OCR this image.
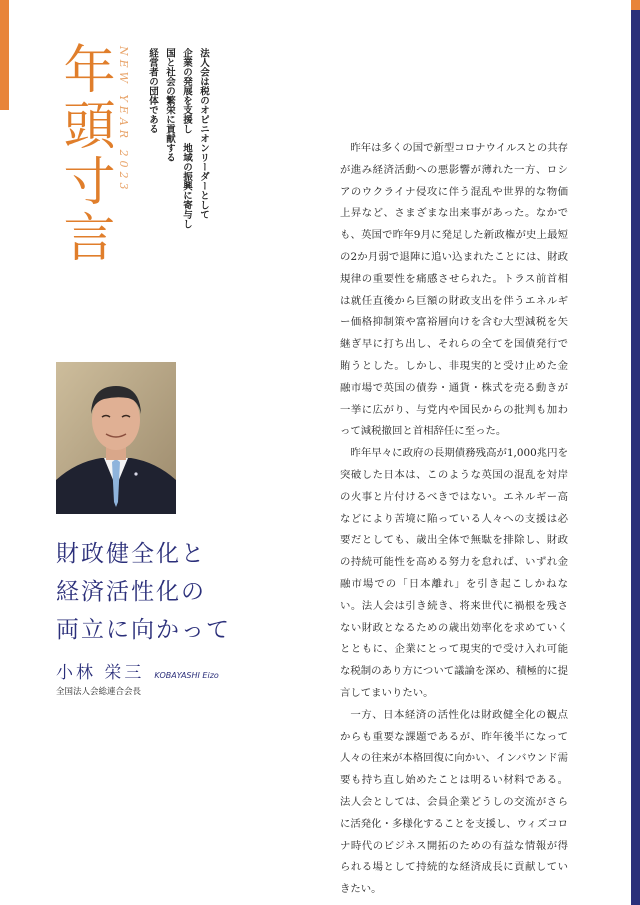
年頭寸言 NEW YEAR 2023	法人会は税のオピニオンリーダーとして
企業の発展を支援し　地域の振興に寄与し
国と社会の繁栄に貢献する
経営者の団体である
財政健全化と
経済活性化の
両立に向かって
小林 栄三 KOBAYASHI Eizo
全国法人会総連合会長

昨年は多くの国で新型コロナウイルスとの共存が進み経済活動への悪影響が薄れた一方、ロシアのウクライナ侵攻に伴う混乱や世界的な物価上昇など、さまざまな出来事があった。なかでも、英国で昨年9月に発足した新政権が史上最短の2か月弱で退陣に追い込まれたことには、財政規律の重要性を痛感させられた。トラス前首相は就任直後から巨額の財政支出を伴うエネルギー価格抑制策や富裕層向けを含む大型減税を矢継ぎ早に打ち出し、それらの全てを国債発行で賄うとした。しかし、非現実的と受け止めた金融市場で英国の債券・通貨・株式を売る動きが一挙に広がり、与党内や国民からの批判も加わって減税撤回と首相辞任に至った。

昨年早々に政府の長期債務残高が1,000兆円を突破した日本は、このような英国の混乱を対岸の火事と片付けるべきではない。エネルギー高などにより苦境に陥っている人々への支援は必要だとしても、歳出全体で無駄を排除し、財政の持続可能性を高める努力を怠れば、いずれ金融市場での「日本離れ」を引き起こしかねない。法人会は引き続き、将来世代に禍根を残さない財政となるための歳出効率化を求めていくとともに、企業にとって現実的で受け入れ可能な税制のあり方について議論を深め、積極的に提言してまいりたい。

一方、日本経済の活性化は財政健全化の観点からも重要な課題であるが、昨年後半になって人々の往来が本格回復に向かい、インバウンド需要も持ち直し始めたことは明るい材料である。法人会としては、会員企業どうしの交流がさらに活発化・多様化することを支援し、ウィズコロナ時代のビジネス開拓のための有益な情報が得られる場として持続的な経済成長に貢献していきたい。
